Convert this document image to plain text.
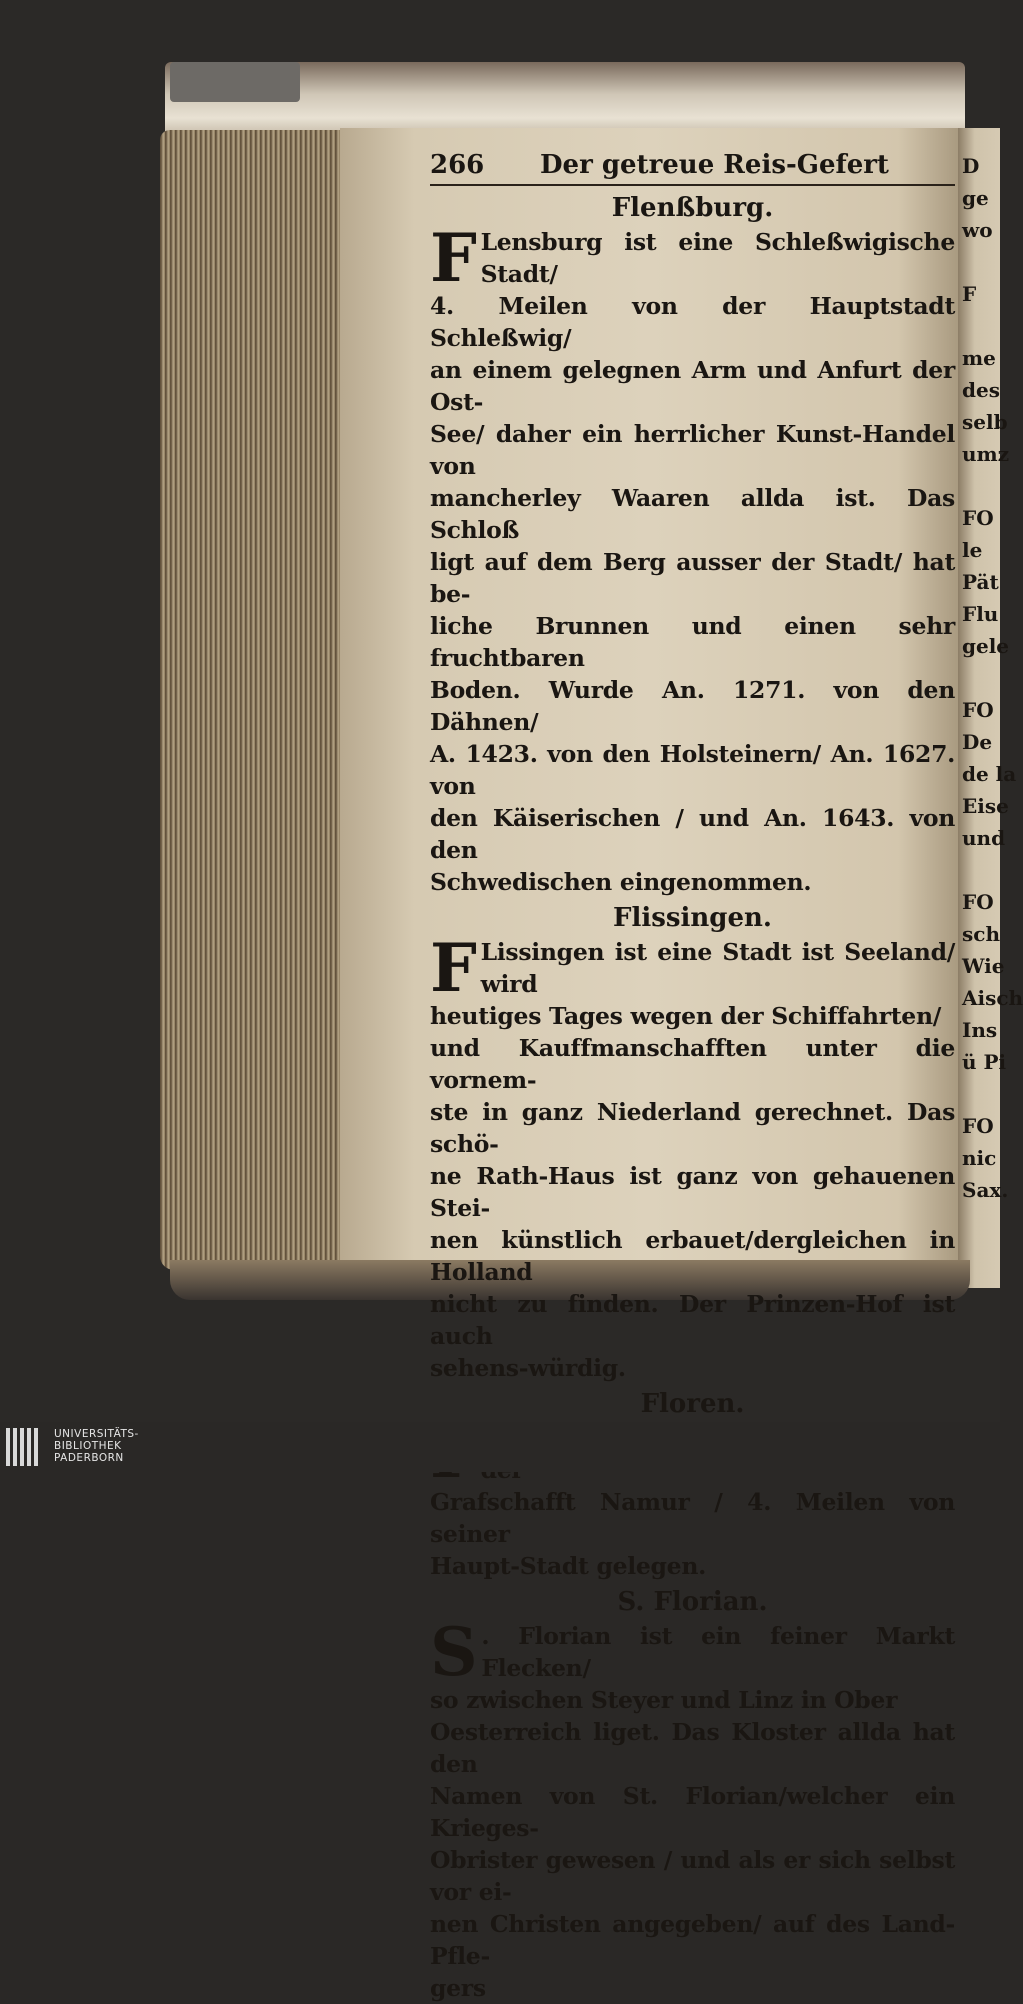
266	Der getreue Reis-Gefert
Flenßburg.
F Lensburg ist eine Schleßwigische Stadt/
4. Meilen von der Hauptstadt Schleßwig/
an einem gelegnen Arm und Anfurt der Ost-
See/ daher ein herrlicher Kunst-Handel von
mancherley Waaren allda ist. Das Schloß
ligt auf dem Berg ausser der Stadt/ hat be-
liche Brunnen und einen sehr fruchtbaren
Boden. Wurde An. 1271. von den Dähnen/
A. 1423. von den Holsteinern/ An. 1627. von
den Käiserischen / und An. 1643. von den
Schwedischen eingenommen.
Flissingen.
F Lissingen ist eine Stadt ist Seeland/ wird
heutiges Tages wegen der Schiffahrten/
und Kauffmanschafften unter die vornem-
ste in ganz Niederland gerechnet. Das schö-
ne Rath-Haus ist ganz von gehauenen Stei-
nen künstlich erbauet/dergleichen in Holland
nicht zu finden. Der Prinzen-Hof ist auch
sehens-würdig.
Floren.

Grafschafft Namur / 4. Meilen von seiner
Haupt-Stadt gelegen.
S. Florian.
S . Florian ist ein feiner Markt Flecken/
so zwischen Steyer und Linz in Ober
Oesterreich liget. Das Kloster allda hat den
Namen von St. Florian/welcher ein Krieges-
Obrister gewesen / und als er sich selbst vor ei-
nen Christen angegeben/ auf des Land-Pfle-
gers
D
ge
wo

F

me
des
selb
umz

FO
le
Pät
Flu
gele

FO
De
de la
Eise
und

FO
sch
Wie
Aisch
Ins
ü Pi

FO
nic
Sax.
UNIVERSITÄTS-
BIBLIOTHEK
PADERBORN
